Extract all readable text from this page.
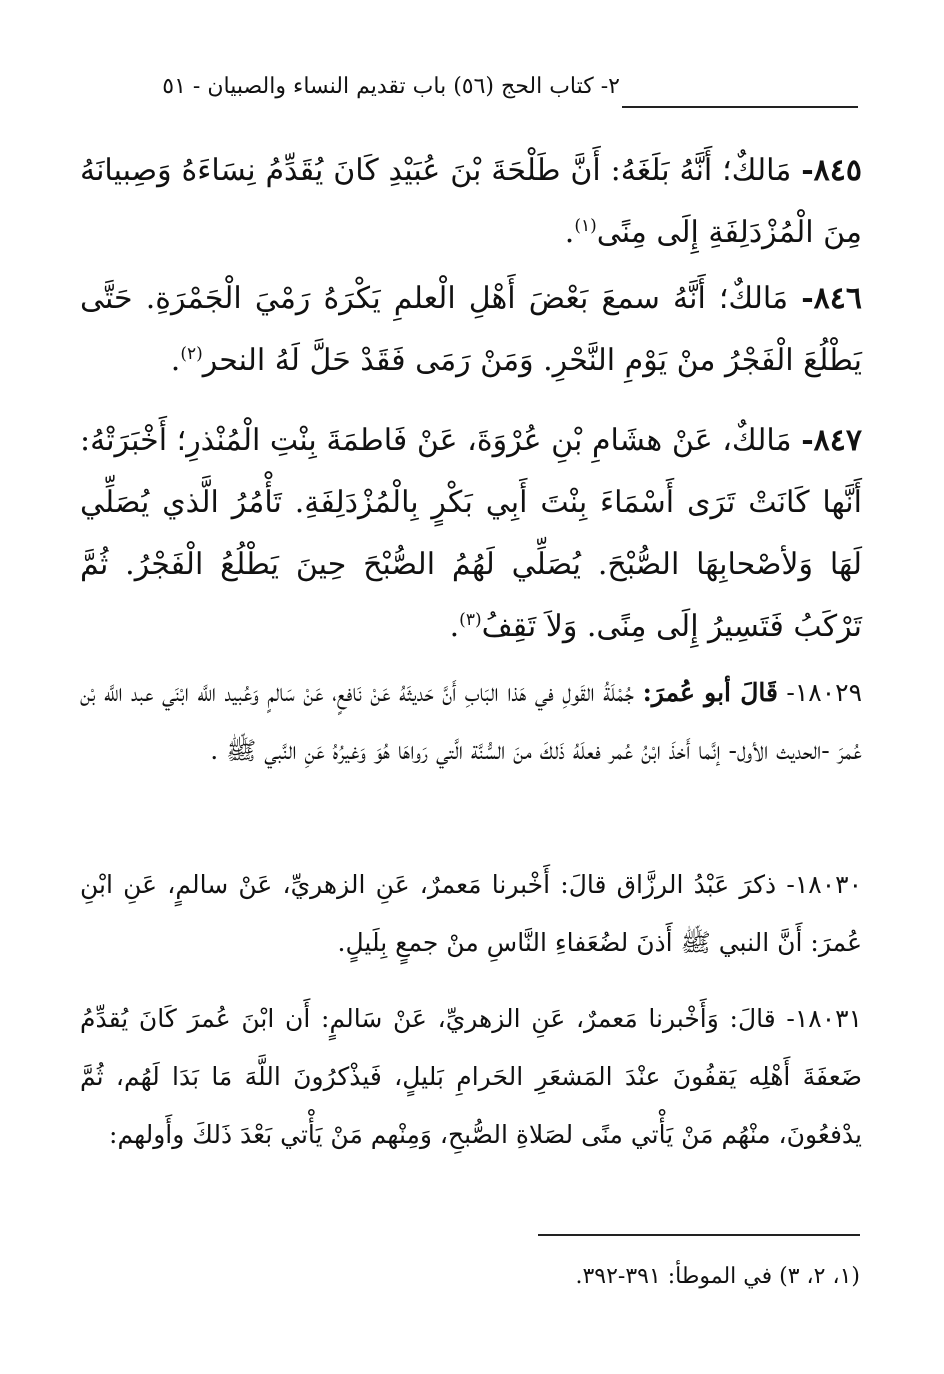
٢- كتاب الحج (٥٦) باب تقديم النساء والصبيان - ٥١
٨٤٥- مَالكٌ؛ أَنَّهُ بَلَغَهُ: أَنَّ طَلْحَةَ بْنَ عُبَيْدِ كَانَ يُقَدِّمُ نِسَاءَهُ وَصِبيانَهُ مِنَ الْمُزْدَلِفَةِ إِلَى مِنًى$^{(١)}$.
٨٤٦- مَالكٌ؛ أَنَّهُ سمعَ بَعْضَ أَهْلِ الْعلمِ يَكْرَهُ رَمْيَ الْجَمْرَةِ. حَتَّى يَطْلُعَ الْفَجْرُ منْ يَوْمِ النَّحْرِ. وَمَنْ رَمَى فَقَدْ حَلَّ لَهُ النحر$^{(٢)}$.
٨٤٧- مَالكٌ، عَنْ هشَامِ بْنِ عُرْوَةَ، عَنْ فَاطمَةَ بِنْتِ الْمُنْذرِ؛ أَخْبَرَتْهُ: أَنَّها كَانَتْ تَرَى أَسْمَاءَ بِنْتَ أَبِي بَكْرٍ بِالْمُزْدَلِفَةِ. تَأْمُرُ الَّذي يُصَلِّي لَهَا وَلأصْحابِهَا الصُّبْحَ. يُصَلِّي لَهُمُ الصُّبْحَ حِينَ يَطْلُعُ الْفَجْرُ. ثُمَّ تَرْكَبُ فَتَسِيرُ إِلَى مِنًى. وَلاَ تَقِفُ$^{(٣)}$.
١٨٠٢٩- قَالَ أبو عُمرَ: جُمْلَةُ القَولِ في هَذا البَابِ أَنَّ حَديثَهُ عَنْ نَافعٍ، عَنْ سَالمٍ وَعُبيد اللَّه ابْنَي عبد اللَّه بْن عُمرَ -الحديث الأول- إنَّما أَخذَ ابْنُ عُمر فعلَهُ ذَلكَ منَ السُّنَّة الَّتي رَواهَا هُوَ وَغيرُهُ عَنِ النَّبي ﷺ .
١٨٠٣٠- ذكرَ عَبْدُ الرزَّاق قالَ: أَخْبرنا مَعمرٌ، عَنِ الزهريِّ، عَنْ سالمٍ، عَنِ ابْنِ عُمرَ: أَنَّ النبي ﷺ أَذنَ لضُعَفاءِ النَّاسِ منْ جمعٍ بِلَيلٍ.
١٨٠٣١- قالَ: وَأَخْبرنا مَعمرٌ، عَنِ الزهريِّ، عَنْ سَالمٍ: أَن ابْنَ عُمرَ كَانَ يُقدِّمُ ضَعفَةَ أَهْلِه يَقفُونَ عنْدَ المَشعَرِ الحَرامِ بَليلٍ، فَيذْكرُونَ اللَّهَ مَا بَدَا لَهُم، ثُمَّ يدْفعُونَ، منْهُم مَنْ يَأْتي منًى لصَلاةِ الصُّبحِ، وَمِنْهم مَنْ يَأْتي بَعْدَ ذَلكَ وأَولهم:
(١، ٢، ٣) في الموطأ: ٣٩١-٣٩٢.
